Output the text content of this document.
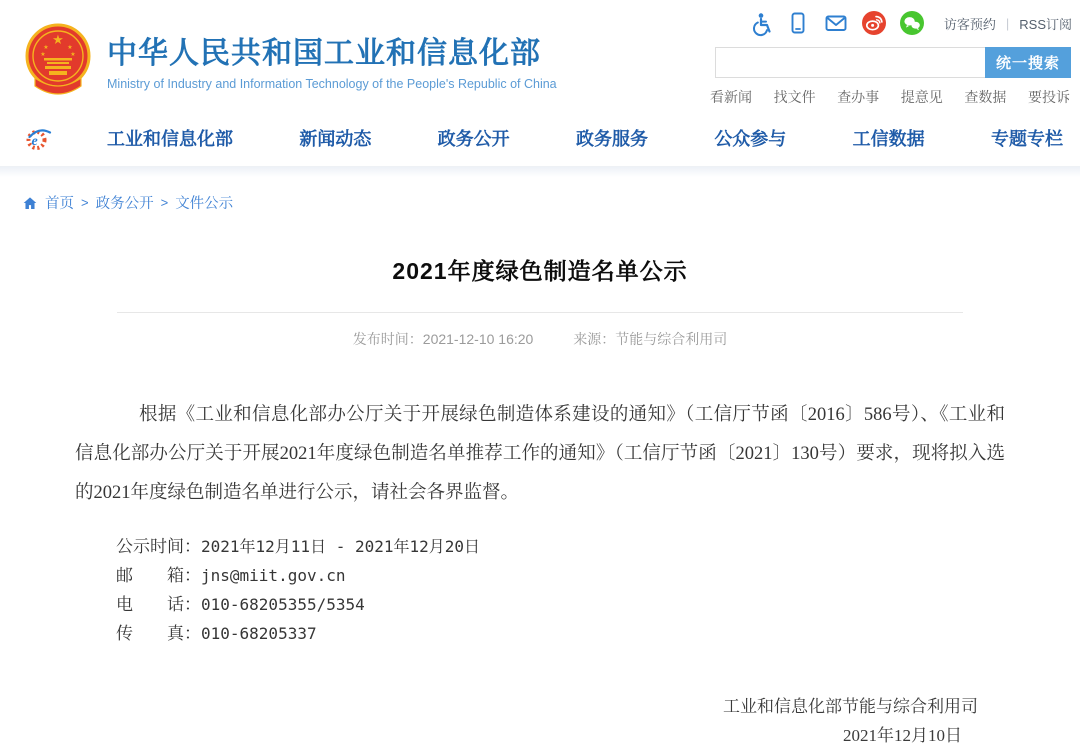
★
★	★
★	★ 中华人民共和国工业和信息化部
Ministry of Industry and Information Technology of the People's Republic of China
访客预约 | RSS订阅
统一搜索
看新闻 找文件 查办事 提意见 查数据 要投诉
e	工业和信息化部	新闻动态	政务公开	政务服务	公众参与	工信数据	专题专栏
首页 > 政务公开 > 文件公示
2021年度绿色制造名单公示
发布时间：2021-12-10 16:20	来源：节能与综合利用司

根据《工业和信息化部办公厅关于开展绿色制造体系建设的通知》（工信厅节函〔2016〕586号）、《工业和信息化部办公厅关于开展2021年度绿色制造名单推荐工作的通知》（工信厅节函〔2021〕130号）要求，现将拟入选的2021年度绿色制造名单进行公示，请社会各界监督。

公示时间：2021年12月11日 - 2021年12月20日
邮　　箱：jns@miit.gov.cn
电　　话：010-68205355/5354
传　　真：010-68205337
工业和信息化部节能与综合利用司
2021年12月10日
